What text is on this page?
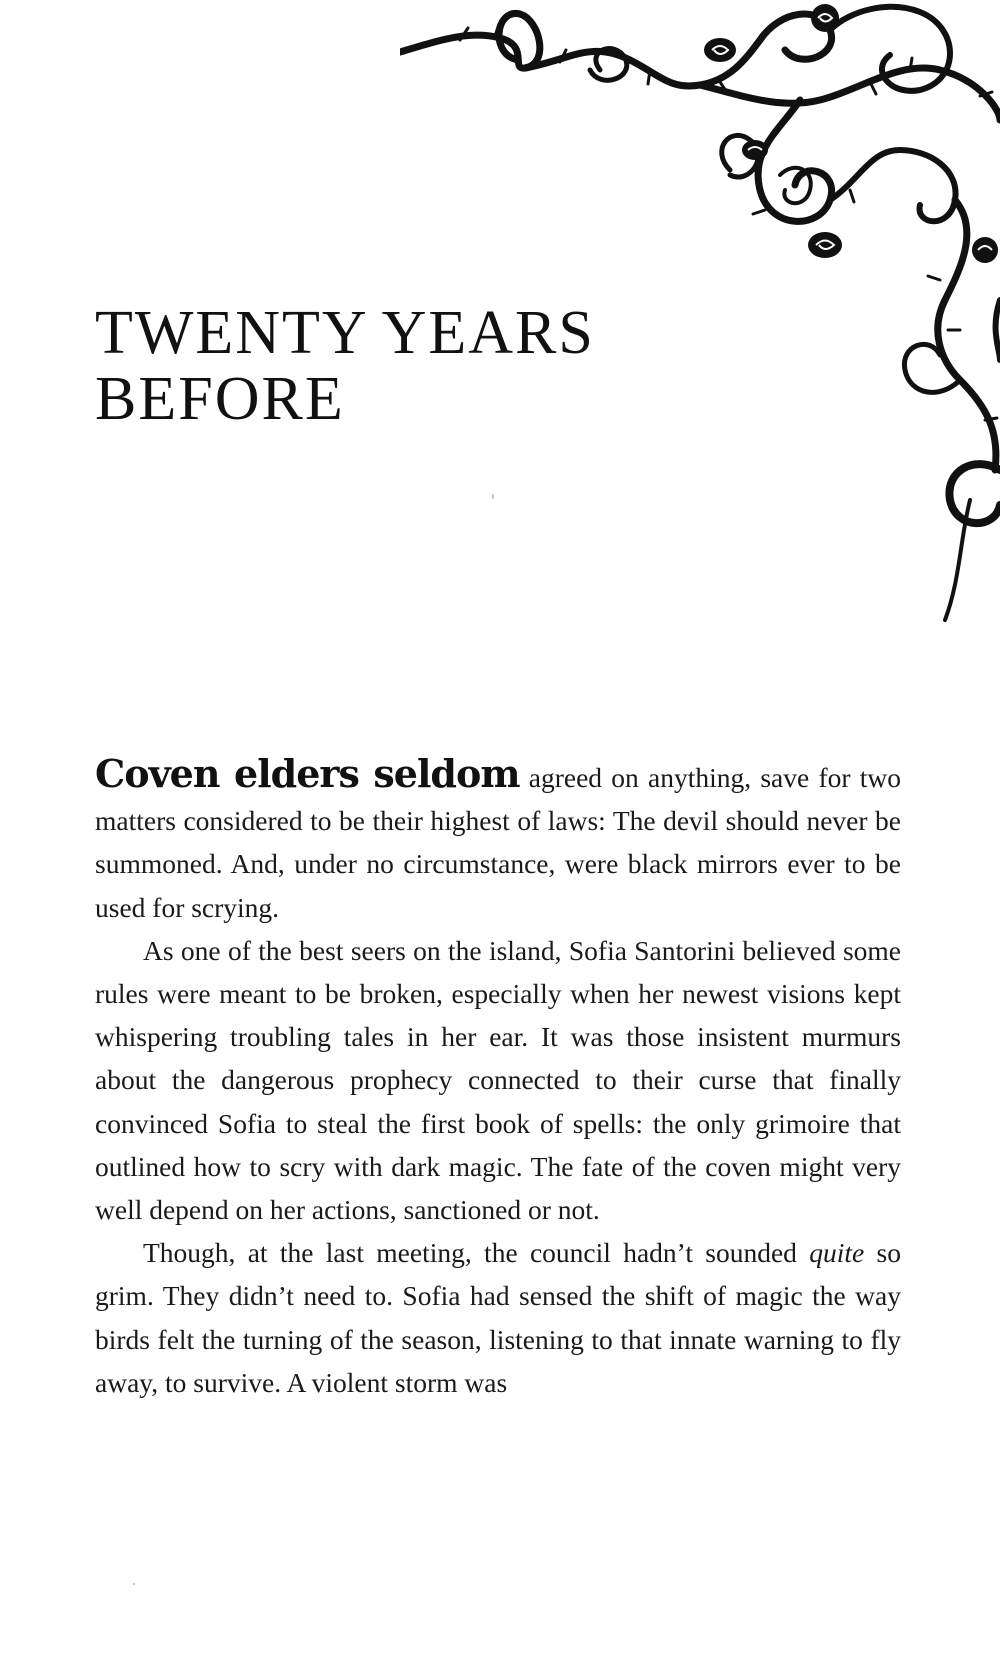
TWENTY YEARS
BEFORE

Coven elders seldom agreed on anything, save for two matters considered to be their highest of laws: The devil should never be summoned. And, under no circumstance, were black mirrors ever to be used for scrying.

As one of the best seers on the island, Sofia Santorini believed some rules were meant to be broken, especially when her newest visions kept whispering troubling tales in her ear. It was those insistent murmurs about the dangerous prophecy connected to their curse that finally convinced Sofia to steal the first book of spells: the only grimoire that outlined how to scry with dark magic. The fate of the coven might very well depend on her actions, sanctioned or not.

Though, at the last meeting, the council hadn’t sounded quite so grim. They didn’t need to. Sofia had sensed the shift of magic the way birds felt the turning of the season, listening to that innate warning to fly away, to survive. A violent storm was
